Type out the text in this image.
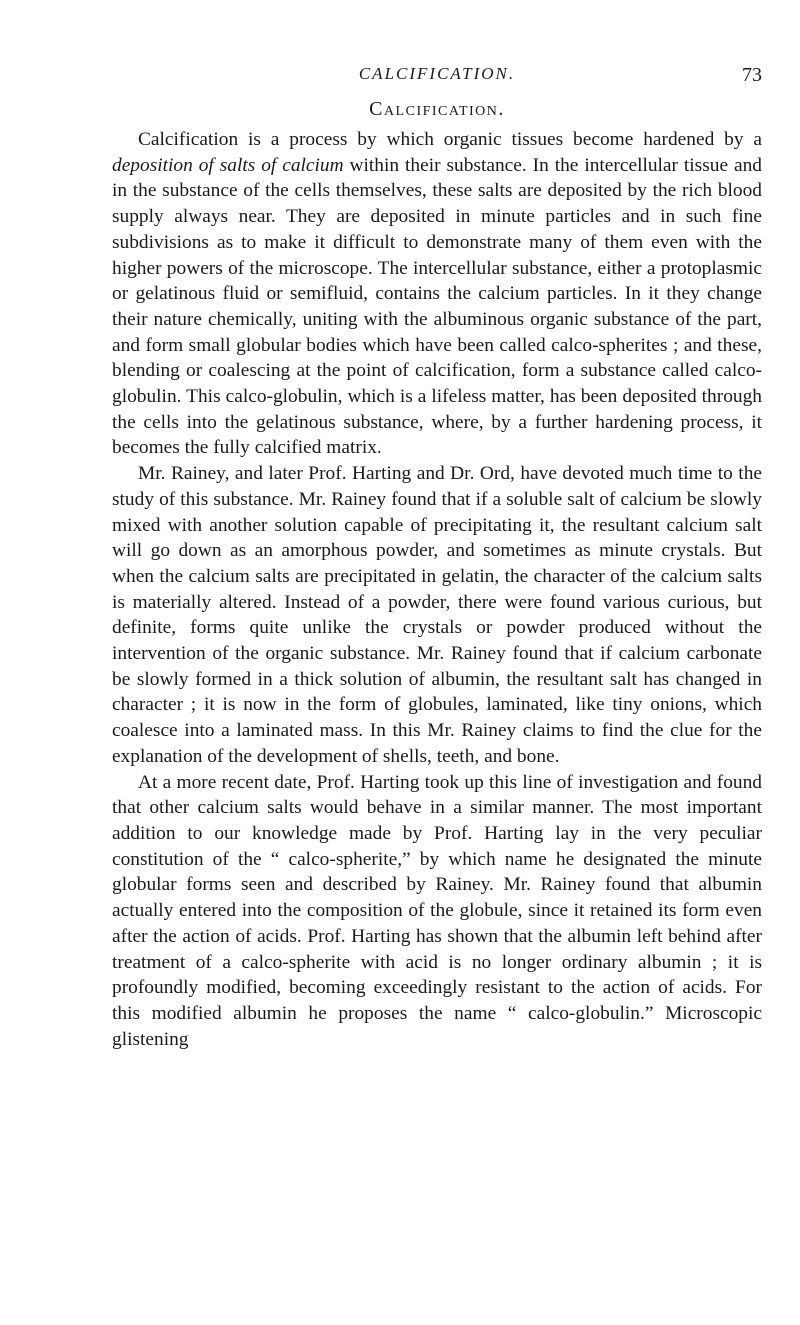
CALCIFICATION.	73
Calcification.

Calcification is a process by which organic tissues become hardened by a deposition of salts of calcium within their substance. In the intercellular tissue and in the substance of the cells themselves, these salts are deposited by the rich blood supply always near. They are deposited in minute particles and in such fine subdivisions as to make it difficult to demonstrate many of them even with the higher powers of the microscope. The intercellular substance, either a protoplasmic or gelatinous fluid or semifluid, contains the calcium particles. In it they change their nature chemically, uniting with the albuminous organic substance of the part, and form small globular bodies which have been called calco-spherites ; and these, blending or coalescing at the point of calcification, form a substance called calco-globulin. This calco-globulin, which is a lifeless matter, has been deposited through the cells into the gelatinous substance, where, by a further hardening process, it becomes the fully calcified matrix.

Mr. Rainey, and later Prof. Harting and Dr. Ord, have devoted much time to the study of this substance. Mr. Rainey found that if a soluble salt of calcium be slowly mixed with another solution capable of precipitating it, the resultant calcium salt will go down as an amorphous powder, and sometimes as minute crystals. But when the calcium salts are precipitated in gelatin, the character of the calcium salts is materially altered. Instead of a powder, there were found various curious, but definite, forms quite unlike the crystals or powder produced without the intervention of the organic substance. Mr. Rainey found that if calcium carbonate be slowly formed in a thick solution of albumin, the resultant salt has changed in character ; it is now in the form of globules, laminated, like tiny onions, which coalesce into a laminated mass. In this Mr. Rainey claims to find the clue for the explanation of the development of shells, teeth, and bone.

At a more recent date, Prof. Harting took up this line of investigation and found that other calcium salts would behave in a similar manner. The most important addition to our knowledge made by Prof. Harting lay in the very peculiar constitution of the “ calco-spherite,” by which name he designated the minute globular forms seen and described by Rainey. Mr. Rainey found that albumin actually entered into the composition of the globule, since it retained its form even after the action of acids. Prof. Harting has shown that the albumin left behind after treatment of a calco-spherite with acid is no longer ordinary albumin ; it is profoundly modified, becoming exceedingly resistant to the action of acids. For this modified albumin he proposes the name “ calco-globulin.” Microscopic glistening
